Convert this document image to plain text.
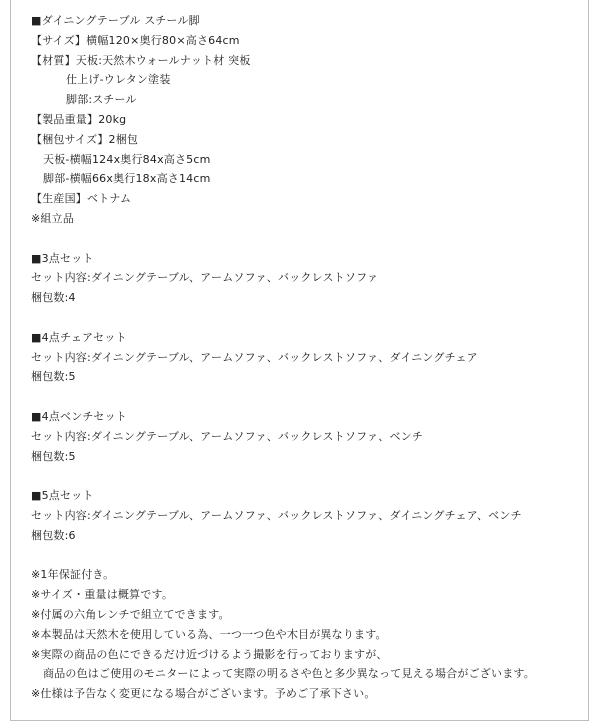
■ダイニングテーブル スチール脚
【サイズ】横幅120×奥行80×高さ64cm
【材質】天板:天然木ウォールナット材 突板
仕上げ-ウレタン塗装
脚部:スチール
【製品重量】20kg
【梱包サイズ】2梱包
天板-横幅124x奥行84x高さ5cm
脚部-横幅66x奥行18x高さ14cm
【生産国】ベトナム
※組立品
■3点セット
セット内容:ダイニングテーブル、アームソファ、バックレストソファ
梱包数:4
■4点チェアセット
セット内容:ダイニングテーブル、アームソファ、バックレストソファ、ダイニングチェア
梱包数:5
■4点ベンチセット
セット内容:ダイニングテーブル、アームソファ、バックレストソファ、ベンチ
梱包数:5
■5点セット
セット内容:ダイニングテーブル、アームソファ、バックレストソファ、ダイニングチェア、ベンチ
梱包数:6
※1年保証付き。
※サイズ・重量は概算です。
※付属の六角レンチで組立てできます。
※本製品は天然木を使用している為、一つ一つ色や木目が異なります。
※実際の商品の色にできるだけ近づけるよう撮影を行っておりますが、
商品の色はご使用のモニターによって実際の明るさや色と多少異なって見える場合がございます。
※仕様は予告なく変更になる場合がございます。予めご了承下さい。
